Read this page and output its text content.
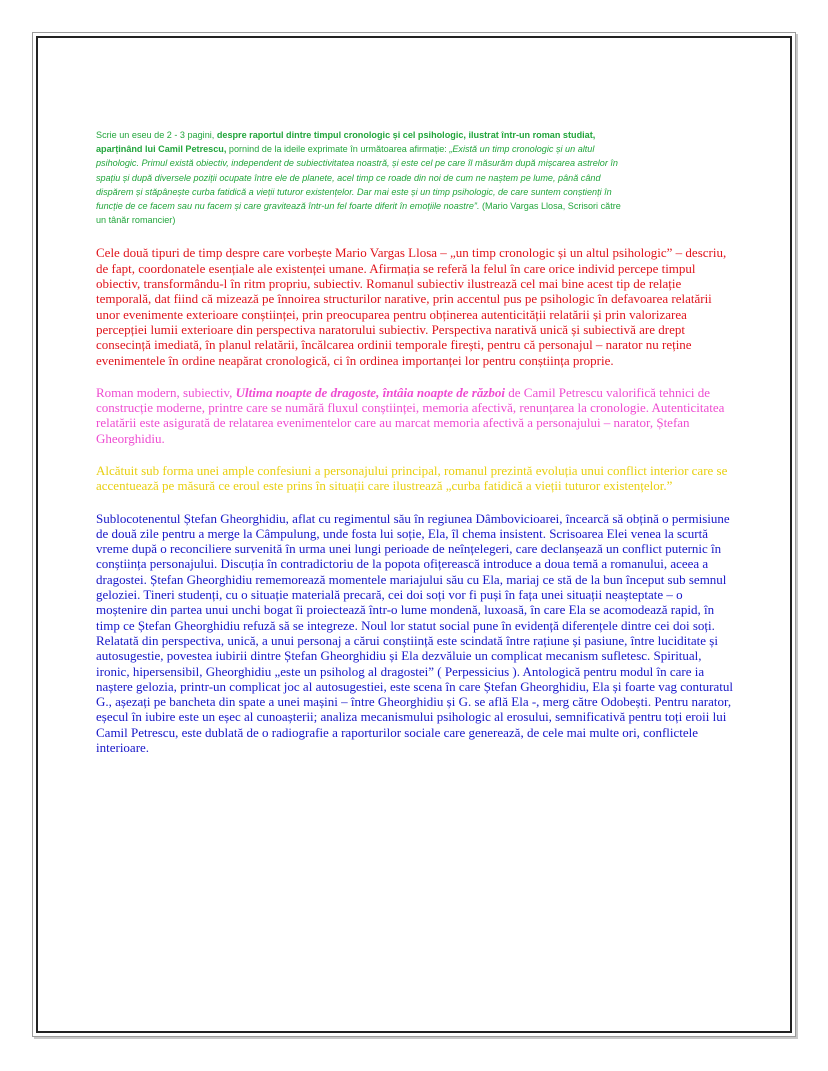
Scrie un eseu de 2 - 3 pagini, despre raportul dintre timpul cronologic și cel psihologic, ilustrat într-un roman studiat, aparținând lui Camil Petrescu, pornind de la ideile exprimate în următoarea afirmație: „Există un timp cronologic și un altul psihologic. Primul există obiectiv, independent de subiectivitatea noastră, și este cel pe care îl măsurăm după mișcarea astrelor în spațiu și după diversele poziții ocupate între ele de planete, acel timp ce roade din noi de cum ne naștem pe lume, până când dispărem și stăpânește curba fatidică a vieții tuturor existențelor. Dar mai este și un timp psihologic, de care suntem conștienți în funcție de ce facem sau nu facem și care gravitează într-un fel foarte diferit în emoțiile noastre”. (Mario Vargas Llosa, Scrisori către un tânăr romancier)

Cele două tipuri de timp despre care vorbește Mario Vargas Llosa – „un timp cronologic și un altul psihologic” – descriu, de fapt, coordonatele esențiale ale existenței umane. Afirmația se referă la felul în care orice individ percepe timpul obiectiv, transformându-l în ritm propriu, subiectiv. Romanul subiectiv ilustrează cel mai bine acest tip de relație temporală, dat fiind că mizează pe înnoirea structurilor narative, prin accentul pus pe psihologic în defavoarea relatării unor evenimente exterioare conștiinței, prin preocuparea pentru obținerea autenticității relatării și prin valorizarea percepției lumii exterioare din perspectiva naratorului subiectiv. Perspectiva narativă unică și subiectivă are drept consecință imediată, în planul relatării, încălcarea ordinii temporale firești, pentru că personajul – narator nu reține evenimentele în ordine neapărat cronologică, ci în ordinea importanței lor pentru conștiința proprie.

Roman modern, subiectiv, Ultima noapte de dragoste, întâia noapte de război de Camil Petrescu valorifică tehnici de construcție moderne, printre care se numără fluxul conștiinței, memoria afectivă, renunțarea la cronologie. Autenticitatea relatării este asigurată de relatarea evenimentelor care au marcat memoria afectivă a personajului – narator, Ștefan Gheorghidiu.

Alcătuit sub forma unei ample confesiuni a personajului principal, romanul prezintă evoluția unui conflict interior care se accentuează pe măsură ce eroul este prins în situații care ilustrează „curba fatidică a vieții tuturor existențelor.”

Sublocotenentul Ștefan Gheorghidiu, aflat cu regimentul său în regiunea Dâmbovicioarei, încearcă să obțină o permisiune de două zile pentru a merge la Câmpulung, unde fosta lui soție, Ela, îl chema insistent. Scrisoarea Elei venea la scurtă vreme după o reconciliere survenită în urma unei lungi perioade de neînțelegeri, care declanșează un conflict puternic în conștiința personajului. Discuția în contradictoriu de la popota ofițerească introduce a doua temă a romanului, aceea a dragostei. Ștefan Gheorghidiu rememorează momentele mariajului său cu Ela, mariaj ce stă de la bun început sub semnul geloziei. Tineri studenți, cu o situație materială precară, cei doi soți vor fi puși în fața unei situații neașteptate – o moștenire din partea unui unchi bogat îi proiectează într-o lume mondenă, luxoasă, în care Ela se acomodează rapid, în timp ce Ștefan Gheorghidiu refuză să se integreze. Noul lor statut social pune în evidență diferențele dintre cei doi soți. Relatată din perspectiva, unică, a unui personaj a cărui conștiință este scindată între rațiune și pasiune, între luciditate și autosugestie, povestea iubirii dintre Ștefan Gheorghidiu și Ela dezvăluie un complicat mecanism sufletesc. Spiritual, ironic, hipersensibil, Gheorghidiu „este un psiholog al dragostei” ( Perpessicius ). Antologică pentru modul în care ia naștere gelozia, printr-un complicat joc al autosugestiei, este scena în care Ștefan Gheorghidiu, Ela și foarte vag conturatul G., așezați pe bancheta din spate a unei mașini – între Gheorghidiu și G. se află Ela -, merg către Odobești. Pentru narator, eșecul în iubire este un eșec al cunoașterii; analiza mecanismului psihologic al erosului, semnificativă pentru toți eroii lui Camil Petrescu, este dublată de o radiografie a raporturilor sociale care generează, de cele mai multe ori, conflictele interioare.
